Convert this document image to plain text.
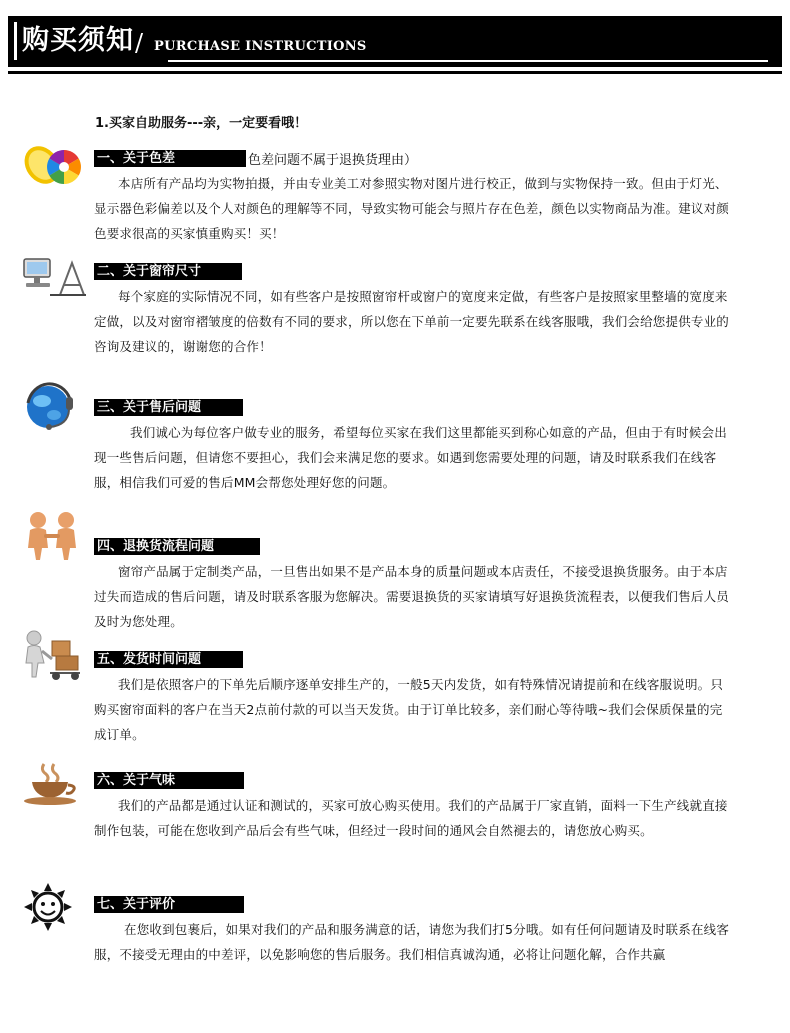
购买须知 / PURCHASE INSTRUCTIONS
1.买家自助服务---亲，一定要看哦！
一、关于色差	色差问题不属于退换货理由）

本店所有产品均为实物拍摄，并由专业美工对参照实物对图片进行校正，做到与实物保持一致。但由于灯光、显示器色彩偏差以及个人对颜色的理解等不同，导致实物可能会与照片存在色差，颜色以实物商品为准。建议对颜色要求很高的买家慎重购买！买！

二、关于窗帘尺寸

每个家庭的实际情况不同，如有些客户是按照窗帘杆或窗户的宽度来定做，有些客户是按照家里整墙的宽度来定做，以及对窗帘褶皱度的倍数有不同的要求，所以您在下单前一定要先联系在线客服哦，我们会给您提供专业的咨询及建议的，谢谢您的合作！

三、关于售后问题

我们诚心为每位客户做专业的服务，希望每位买家在我们这里都能买到称心如意的产品，但由于有时候会出现一些售后问题，但请您不要担心，我们会来满足您的要求。如遇到您需要处理的问题，请及时联系我们在线客服，相信我们可爱的售后MM会帮您处理好您的问题。

四、退换货流程问题

窗帘产品属于定制类产品，一旦售出如果不是产品本身的质量问题或本店责任，不接受退换货服务。由于本店过失而造成的售后问题，请及时联系客服为您解决。需要退换货的买家请填写好退换货流程表，以便我们售后人员及时为您处理。

五、发货时间问题

我们是依照客户的下单先后顺序逐单安排生产的，一般5天内发货，如有特殊情况请提前和在线客服说明。只购买窗帘面料的客户在当天2点前付款的可以当天发货。由于订单比较多，亲们耐心等待哦~我们会保质保量的完成订单。

六、关于气味

我们的产品都是通过认证和测试的，买家可放心购买使用。我们的产品属于厂家直销，面料一下生产线就直接制作包装，可能在您收到产品后会有些气味，但经过一段时间的通风会自然褪去的，请您放心购买。

七、关于评价

在您收到包裹后，如果对我们的产品和服务满意的话，请您为我们打5分哦。如有任何问题请及时联系在线客服，不接受无理由的中差评，以免影响您的售后服务。我们相信真诚沟通，必将让问题化解，合作共赢
